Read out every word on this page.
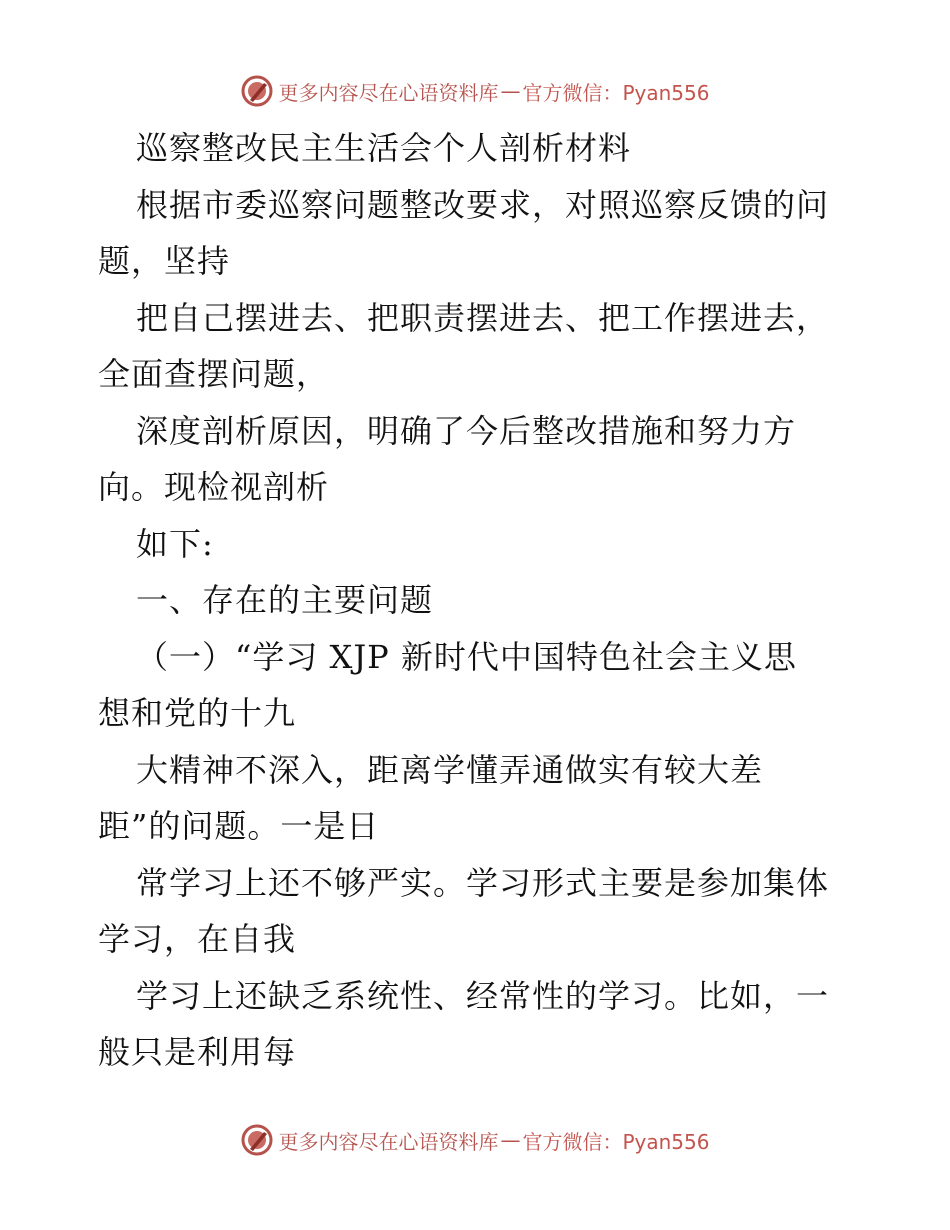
更多内容尽在心语资料库 — 官方微信：Pyan556
巡察整改民主生活会个人剖析材料
根据市委巡察问题整改要求，对照巡察反馈的问
题，坚持
把自己摆进去、把职责摆进去、把工作摆进去，
全面查摆问题，
深度剖析原因，明确了今后整改措施和努力方
向。现检视剖析
如下:
一、存在的主要问题
（一）“学习 XJP 新时代中国特色社会主义思
想和党的十九
大精神不深入，距离学懂弄通做实有较大差
距”的问题。一是日
常学习上还不够严实。学习形式主要是参加集体
学习，在自我
学习上还缺乏系统性、经常性的学习。比如，一
般只是利用每
更多内容尽在心语资料库 — 官方微信：Pyan556
